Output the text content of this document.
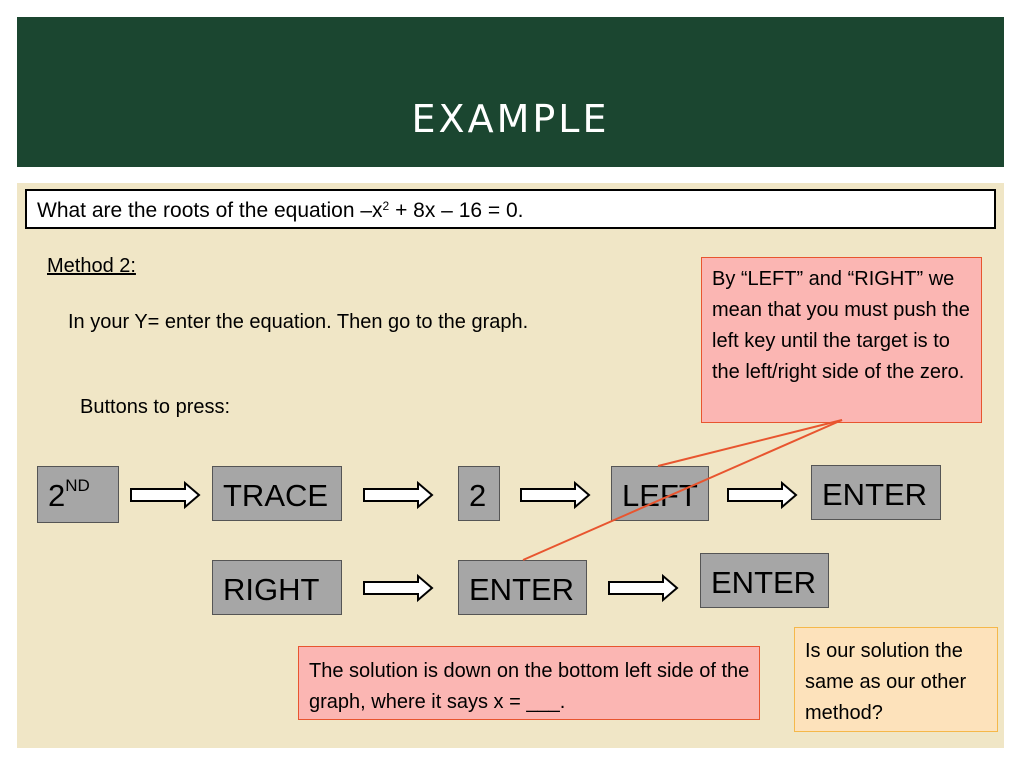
EXAMPLE
What are the roots of the equation $-x^2 + 8x - 16 = 0$.
Method 2:
In your Y= enter the equation. Then go to the graph.
Buttons to press:
By “LEFT” and “RIGHT” we mean that you must push the left key until the target is to the left/right side of the zero.
2ND	TRACE	2	LEFT	ENTER
RIGHT	ENTER	ENTER
The solution is down on the bottom left side of the graph, where it says x = ___.
Is our solution the same as our other method?
